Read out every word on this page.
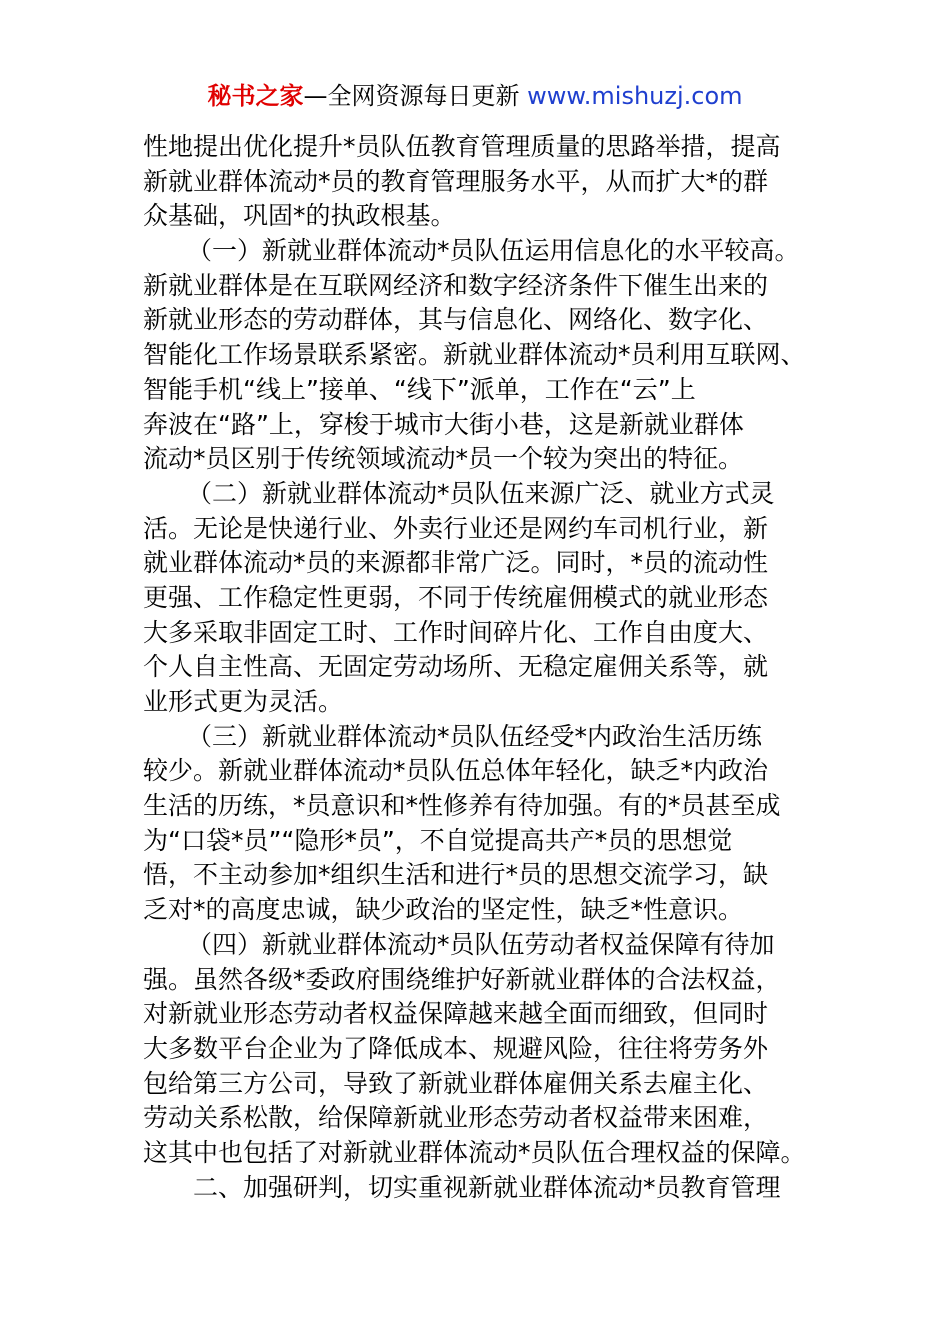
秘书之家—全网资源每日更新 www.mishuzj.com
性地提出优化提升*员队伍教育管理质量的思路举措，提高
新就业群体流动*员的教育管理服务水平，从而扩大*的群
众基础，巩固*的执政根基。
（一）新就业群体流动*员队伍运用信息化的水平较高。
新就业群体是在互联网经济和数字经济条件下催生出来的
新就业形态的劳动群体，其与信息化、网络化、数字化、
智能化工作场景联系紧密。新就业群体流动*员利用互联网、
智能手机“线上”接单、“线下”派单，工作在“云”上
奔波在“路”上，穿梭于城市大街小巷，这是新就业群体
流动*员区别于传统领域流动*员一个较为突出的特征。
（二）新就业群体流动*员队伍来源广泛、就业方式灵
活。无论是快递行业、外卖行业还是网约车司机行业，新
就业群体流动*员的来源都非常广泛。同时，*员的流动性
更强、工作稳定性更弱，不同于传统雇佣模式的就业形态
大多采取非固定工时、工作时间碎片化、工作自由度大、
个人自主性高、无固定劳动场所、无稳定雇佣关系等，就
业形式更为灵活。
（三）新就业群体流动*员队伍经受*内政治生活历练
较少。新就业群体流动*员队伍总体年轻化，缺乏*内政治
生活的历练，*员意识和*性修养有待加强。有的*员甚至成
为“口袋*员”“隐形*员”，不自觉提高共产*员的思想觉
悟，不主动参加*组织生活和进行*员的思想交流学习，缺
乏对*的高度忠诚，缺少政治的坚定性，缺乏*性意识。
（四）新就业群体流动*员队伍劳动者权益保障有待加
强。虽然各级*委政府围绕维护好新就业群体的合法权益，
对新就业形态劳动者权益保障越来越全面而细致，但同时
大多数平台企业为了降低成本、规避风险，往往将劳务外
包给第三方公司，导致了新就业群体雇佣关系去雇主化、
劳动关系松散，给保障新就业形态劳动者权益带来困难，
这其中也包括了对新就业群体流动*员队伍合理权益的保障。
二、加强研判，切实重视新就业群体流动*员教育管理
